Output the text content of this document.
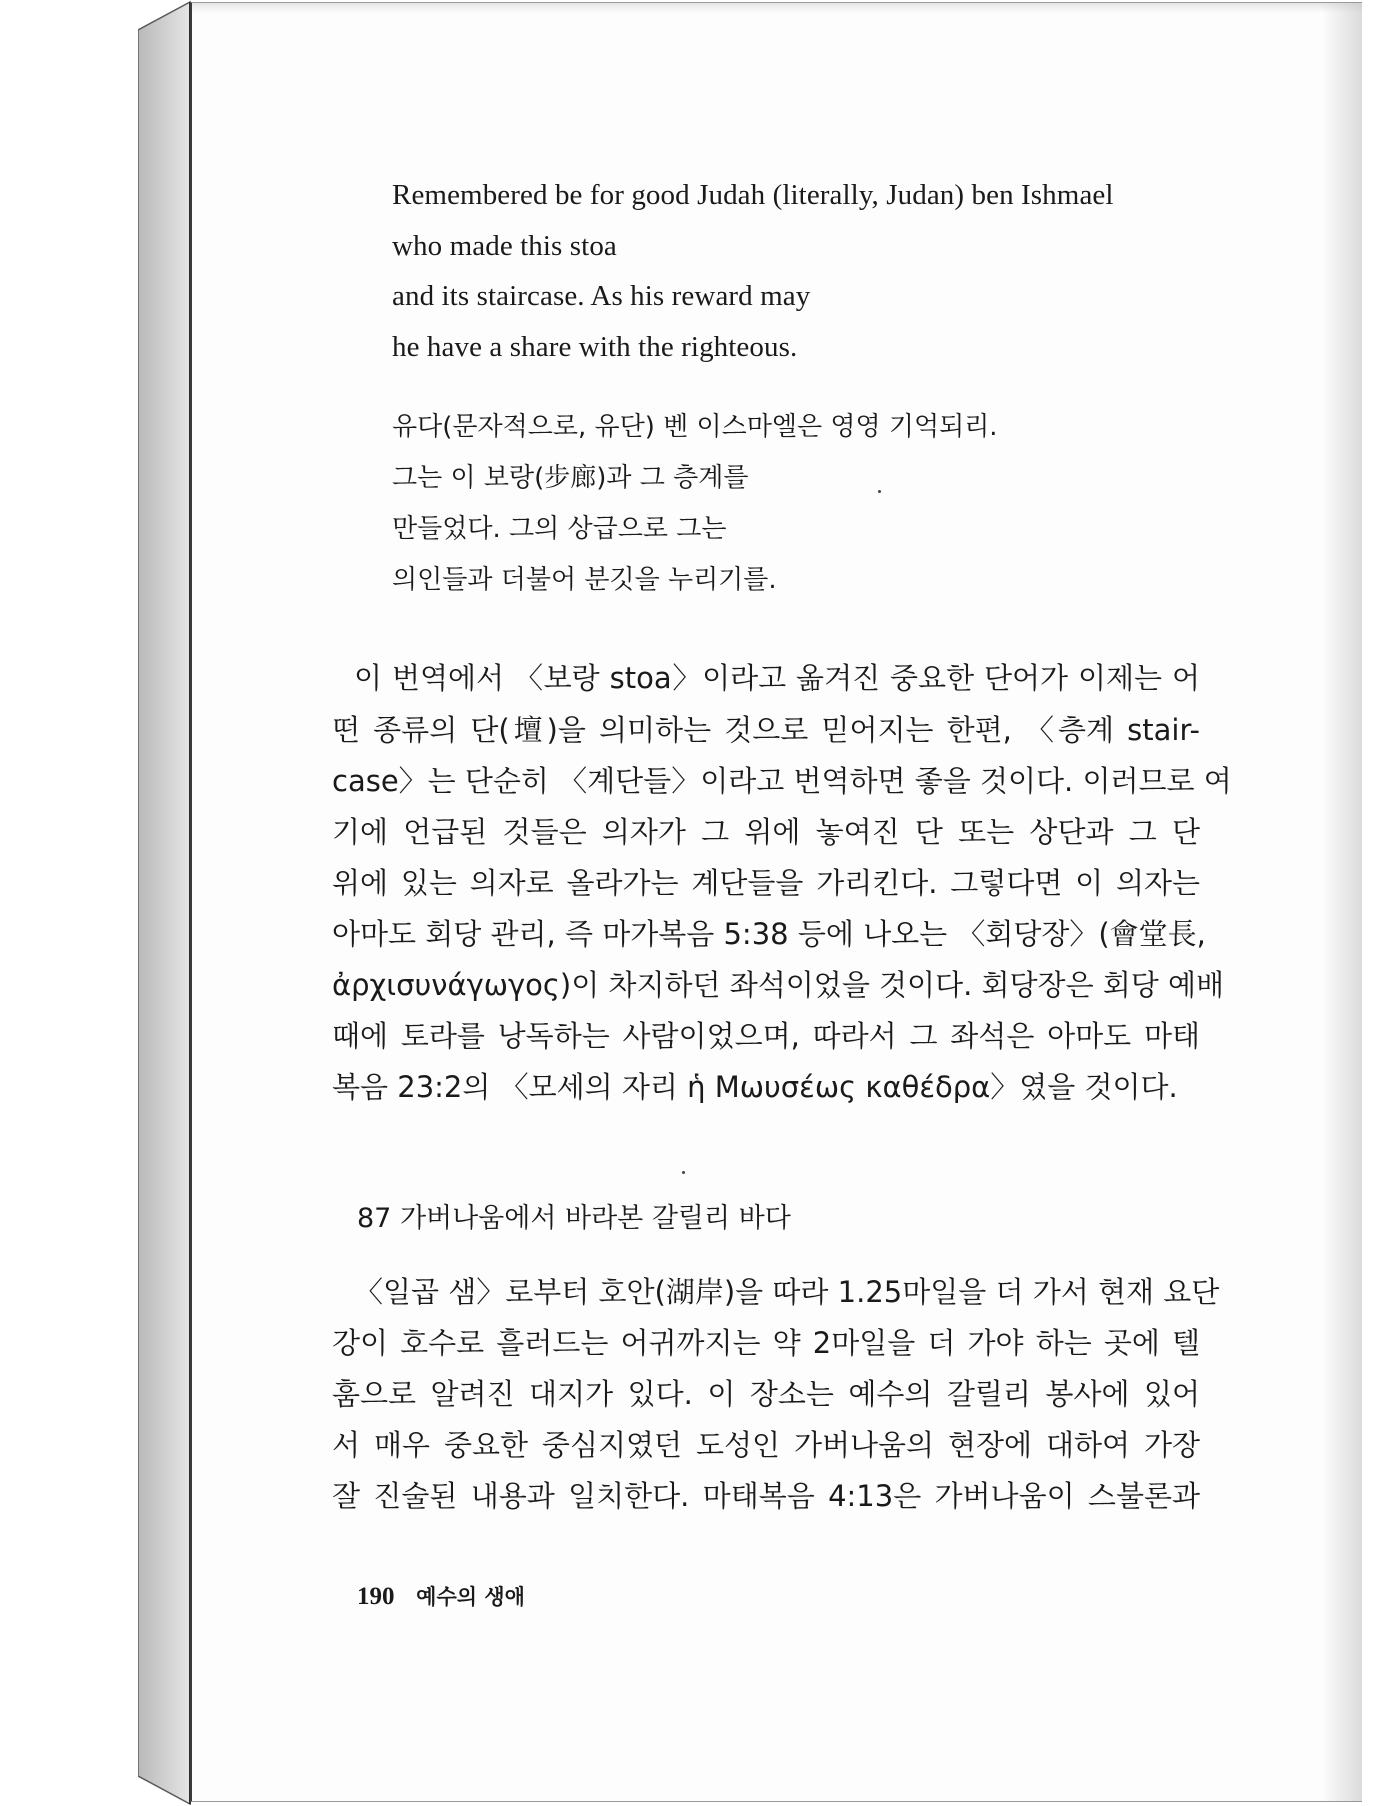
Remembered be for good Judah (literally, Judan) ben Ishmael
who made this stoa
and its staircase. As his reward may
he have a share with the righteous.
유다(문자적으로, 유단) 벤 이스마엘은 영영 기억되리.
그는 이 보랑(步廊)과 그 층계를
만들었다. 그의 상급으로 그는
의인들과 더불어 분깃을 누리기를.
이 번역에서 〈보랑 stoa〉이라고 옮겨진 중요한 단어가 이제는 어
떤 종류의 단(壇)을 의미하는 것으로 믿어지는 한편, 〈층계 stair-
case〉는 단순히 〈계단들〉이라고 번역하면 좋을 것이다. 이러므로 여
기에 언급된 것들은 의자가 그 위에 놓여진 단 또는 상단과 그 단
위에 있는 의자로 올라가는 계단들을 가리킨다. 그렇다면 이 의자는
아마도 회당 관리, 즉 마가복음 5:38 등에 나오는 〈회당장〉(會堂長,
ἀρχισυνάγωγος)이 차지하던 좌석이었을 것이다. 회당장은 회당 예배
때에 토라를 낭독하는 사람이었으며, 따라서 그 좌석은 아마도 마태
복음 23:2의 〈모세의 자리 ἡ Μωυσέως καθέδρα〉였을 것이다.
87 가버나움에서 바라본 갈릴리 바다
〈일곱 샘〉로부터 호안(湖岸)을 따라 1.25마일을 더 가서 현재 요단
강이 호수로 흘러드는 어귀까지는 약 2마일을 더 가야 하는 곳에 텔
훔으로 알려진 대지가 있다. 이 장소는 예수의 갈릴리 봉사에 있어
서 매우 중요한 중심지였던 도성인 가버나움의 현장에 대하여 가장
잘 진술된 내용과 일치한다. 마태복음 4:13은 가버나움이 스불론과
190 예수의 생애
